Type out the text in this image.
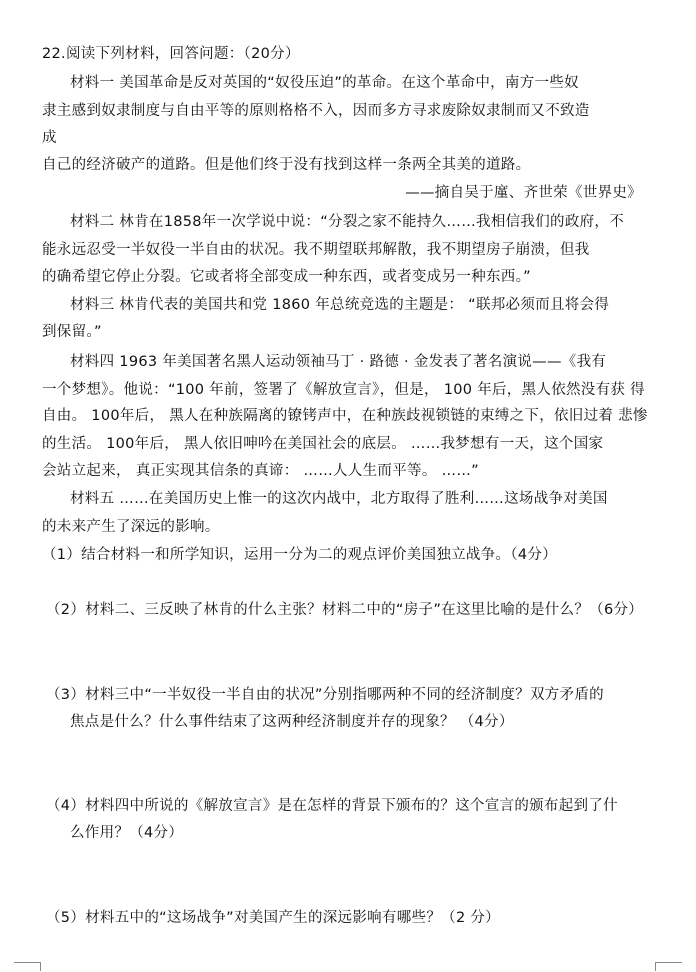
22.阅读下列材料，回答问题：（20分）
材料一 美国革命是反对英国的“奴役压迫”的革命。在这个革命中，南方一些奴
隶主感到奴隶制度与自由平等的原则格格不入，因而多方寻求废除奴隶制而又不致造
成
自己的经济破产的道路。但是他们终于没有找到这样一条两全其美的道路。
——摘自吴于廑、齐世荣《世界史》
材料二 林肯在1858年一次学说中说：“分裂之家不能持久……我相信我们的政府，不
能永远忍受一半奴役一半自由的状况。我不期望联邦解散，我不期望房子崩溃，但我
的确希望它停止分裂。它或者将全部变成一种东西，或者变成另一种东西。”
材料三 林肯代表的美国共和党 1860 年总统竞选的主题是： “联邦必须而且将会得
到保留。”
材料四 1963 年美国著名黑人运动领袖马丁 · 路德 · 金发表了著名演说——《我有
一个梦想》。他说：“100 年前，签署了《解放宣言》，但是， 100 年后，黑人依然没有获 得
自由。 100年后， 黑人在种族隔离的镣铐声中，在种族歧视锁链的束缚之下，依旧过着 悲惨
的生活。 100年后， 黑人依旧呻吟在美国社会的底层。 ……我梦想有一天，这个国家
会站立起来， 真正实现其信条的真谛： ……人人生而平等。 ……”
材料五 ……在美国历史上惟一的这次内战中，北方取得了胜利……这场战争对美国
的未来产生了深远的影响。
（1）结合材料一和所学知识，运用一分为二的观点评价美国独立战争。（4分）
（2）材料二、三反映了林肯的什么主张？材料二中的“房子”在这里比喻的是什么？（6分）
（3）材料三中“一半奴役一半自由的状况”分别指哪两种不同的经济制度？双方矛盾的
焦点是什么？什么事件结束了这两种经济制度并存的现象？ （4分）
（4）材料四中所说的《解放宣言》是在怎样的背景下颁布的？这个宣言的颁布起到了什
么作用？（4分）
（5）材料五中的“这场战争”对美国产生的深远影响有哪些？（2 分）
